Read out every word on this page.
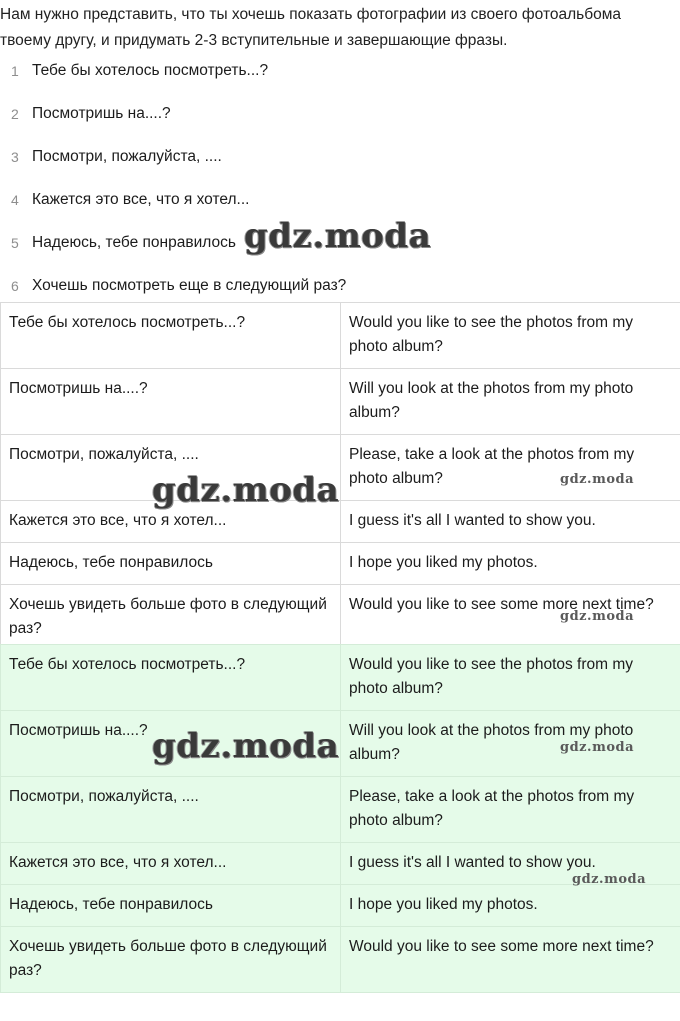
Нам нужно представить, что ты хочешь показать фотографии из своего фотоальбома твоему другу, и придумать 2-3 вступительные и завершающие фразы.
1 Тебе бы хотелось посмотреть...?
2 Посмотришь на....?
3 Посмотри, пожалуйста, ....
4 Кажется это все, что я хотел...
5 Надеюсь, тебе понравилось
6 Хочешь посмотреть еще в следующий раз?
Тебе бы хотелось посмотреть...?	Would you like to see the photos from my photo album?
Посмотришь на....?	Will you look at the photos from my photo album?
Посмотри, пожалуйста, ....	Please, take a look at the photos from my photo album?
Кажется это все, что я хотел...	I guess it's all I wanted to show you.
Надеюсь, тебе понравилось	I hope you liked my photos.
Хочешь увидеть больше фото в следующий раз?	Would you like to see some more next time?
Тебе бы хотелось посмотреть...?	Would you like to see the photos from my photo album?
Посмотришь на....?	Will you look at the photos from my photo album?
Посмотри, пожалуйста, ....	Please, take a look at the photos from my photo album?
Кажется это все, что я хотел...	I guess it's all I wanted to show you.
Надеюсь, тебе понравилось	I hope you liked my photos.
Хочешь увидеть больше фото в следующий раз?	Would you like to see some more next time?
gdz.moda
gdz.moda	gdz.moda
gdz.moda
gdz.moda	gdz.moda
gdz.moda
